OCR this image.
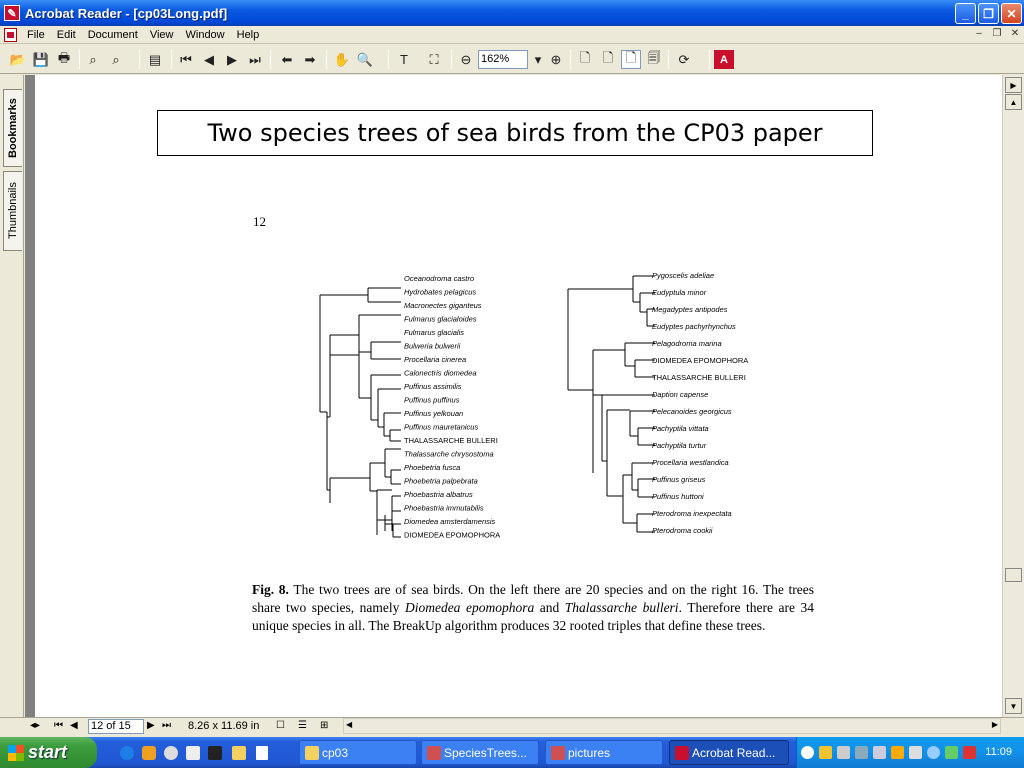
✎ Acrobat Reader - [cp03Long.pdf]	_	❐	✕
File	Edit	Document	View	Window	Help	–	❐ ✕
📂 💾 🖶	⌕	⌕	▤	⏮ ◀	▶ ⏭	⬅ ➡	✋ 🔍	T	⛶	⊖	▾ ⊕	🗋 🗋 🗋 🗐	⟳	A
162%
Bookmarks
Thumbnails
Two species trees of sea birds from the CP03 paper
12
Oceanodroma castro
Hydrobates pelagicus
Macronectes giganteus
Fulmarus glacialoides
Fulmarus glacialis
Bulweria bulwerii
Procellaria cinerea
Calonectris diomedea
Puffinus assimilis
Puffinus puffinus
Puffinus yelkouan
Puffinus mauretanicus
THALASSARCHE BULLERI
Thalassarche chrysostoma
Phoebetria fusca
Phoebetria palpebrata
Phoebastria albatrus
Phoebastria immutabilis
Diomedea amsterdamensis
DIOMEDEA EPOMOPHORA
Pygoscelis adeliae
Eudyptula minor
Megadyptes antipodes
Eudyptes pachyrhynchus
Pelagodroma marina
DIOMEDEA EPOMOPHORA
THALASSARCHE BULLERI
Daption capense
Pelecanoides georgicus
Pachyptila vittata
Pachyptila turtur
Procellaria westlandica
Puffinus griseus
Puffinus huttoni
Pterodroma inexpectata
Pterodroma cookii
Fig. 8. The two trees are of sea birds. On the left there are 20 species and on the right 16. The trees share two species, namely Diomedea epomophora and Thalassarche bulleri. Therefore there are 34 unique species in all. The BreakUp algorithm produces 32 rooted triples that define these trees.
▶
▲
▼
◂▸ ⏮ ◀ 12 of 15	▶ ⏭ 8.26 x 11.69 in ☐ ☰ ⊞ ◀	▶
start	cp03	SpeciesTrees...	pictures	Acrobat Read...	11:09
